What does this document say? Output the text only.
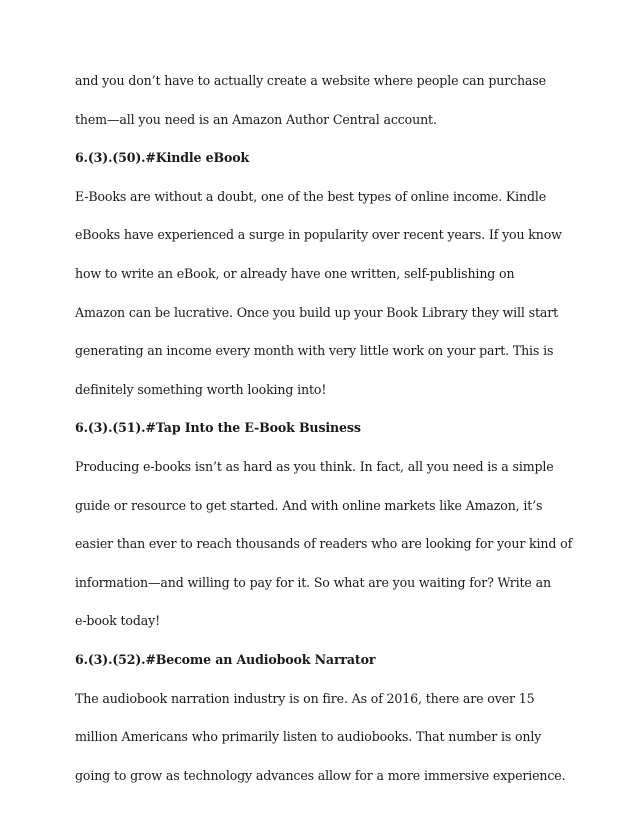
and you don’t have to actually create a website where people can purchase
them—all you need is an Amazon Author Central account.
6.(3).(50).#Kindle eBook
E-Books are without a doubt, one of the best types of online income. Kindle
eBooks have experienced a surge in popularity over recent years. If you know
how to write an eBook, or already have one written, self-publishing on
Amazon can be lucrative. Once you build up your Book Library they will start
generating an income every month with very little work on your part. This is
definitely something worth looking into!
6.(3).(51).#Tap Into the E-Book Business
Producing e-books isn’t as hard as you think. In fact, all you need is a simple
guide or resource to get started. And with online markets like Amazon, it’s
easier than ever to reach thousands of readers who are looking for your kind of
information—and willing to pay for it. So what are you waiting for? Write an
e-book today!
6.(3).(52).#Become an Audiobook Narrator
The audiobook narration industry is on fire. As of 2016, there are over 15
million Americans who primarily listen to audiobooks. That number is only
going to grow as technology advances allow for a more immersive experience.
